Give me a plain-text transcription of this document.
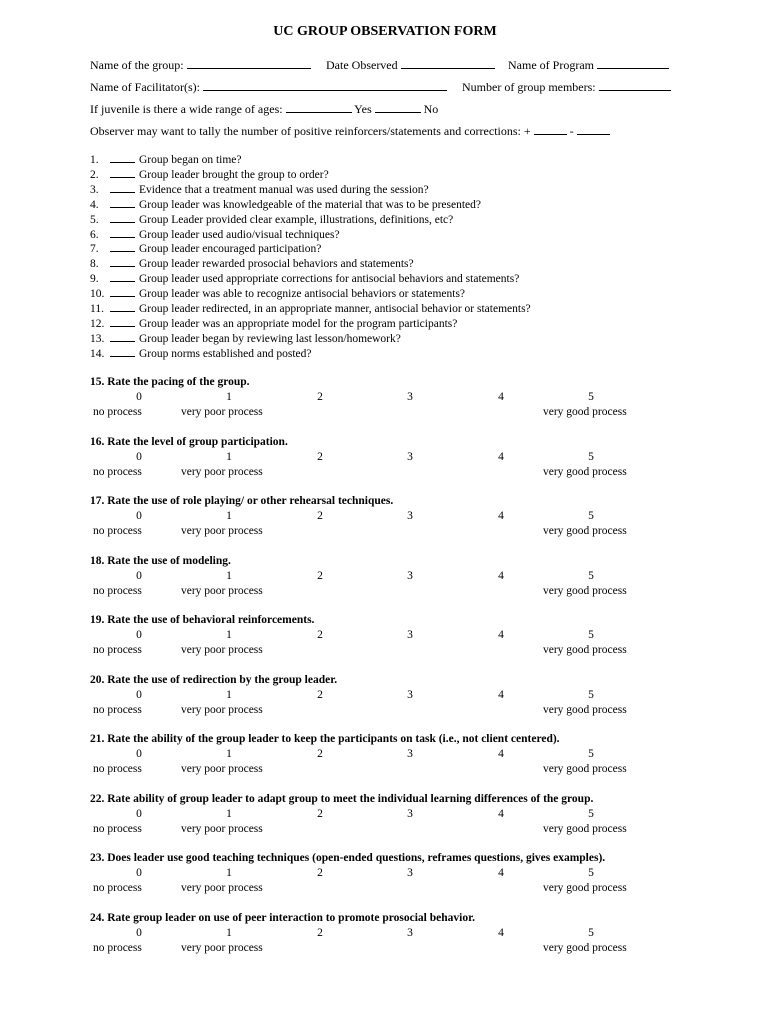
UC GROUP OBSERVATION FORM
Name of the group:	Date Observed	Name of Program
Name of Facilitator(s):	Number of group members:
If juvenile is there a wide range of ages:	Yes	No
Observer may want to tally the number of positive reinforcers/statements and corrections: +	-
1.	Group began on time?
2.	Group leader brought the group to order?
3.	Evidence that a treatment manual was used during the session?
4.	Group leader was knowledgeable of the material that was to be presented?
5.	Group Leader provided clear example, illustrations, definitions, etc?
6.	Group leader used audio/visual techniques?
7.	Group leader encouraged participation?
8.	Group leader rewarded prosocial behaviors and statements?
9.	Group leader used appropriate corrections for antisocial behaviors and statements?
10.	Group leader was able to recognize antisocial behaviors or statements?
11.	Group leader redirected, in an appropriate manner, antisocial behavior or statements?
12.	Group leader was an appropriate model for the program participants?
13.	Group leader began by reviewing last lesson/homework?
14.	Group norms established and posted?
15. Rate the pacing of the group.
0	1	2	3	4	5
no process	very poor process	very good process
16. Rate the level of group participation.
0	1	2	3	4	5
no process	very poor process	very good process
17. Rate the use of role playing/ or other rehearsal techniques.
0	1	2	3	4	5
no process	very poor process	very good process
18. Rate the use of modeling.
0	1	2	3	4	5
no process	very poor process	very good process
19. Rate the use of behavioral reinforcements.
0	1	2	3	4	5
no process	very poor process	very good process
20. Rate the use of redirection by the group leader.
0	1	2	3	4	5
no process	very poor process	very good process
21. Rate the ability of the group leader to keep the participants on task (i.e., not client centered).
0	1	2	3	4	5
no process	very poor process	very good process
22. Rate ability of group leader to adapt group to meet the individual learning differences of the group.
0	1	2	3	4	5
no process	very poor process	very good process
23. Does leader use good teaching techniques (open-ended questions, reframes questions, gives examples).
0	1	2	3	4	5
no process	very poor process	very good process
24. Rate group leader on use of peer interaction to promote prosocial behavior.
0	1	2	3	4	5
no process	very poor process	very good process
